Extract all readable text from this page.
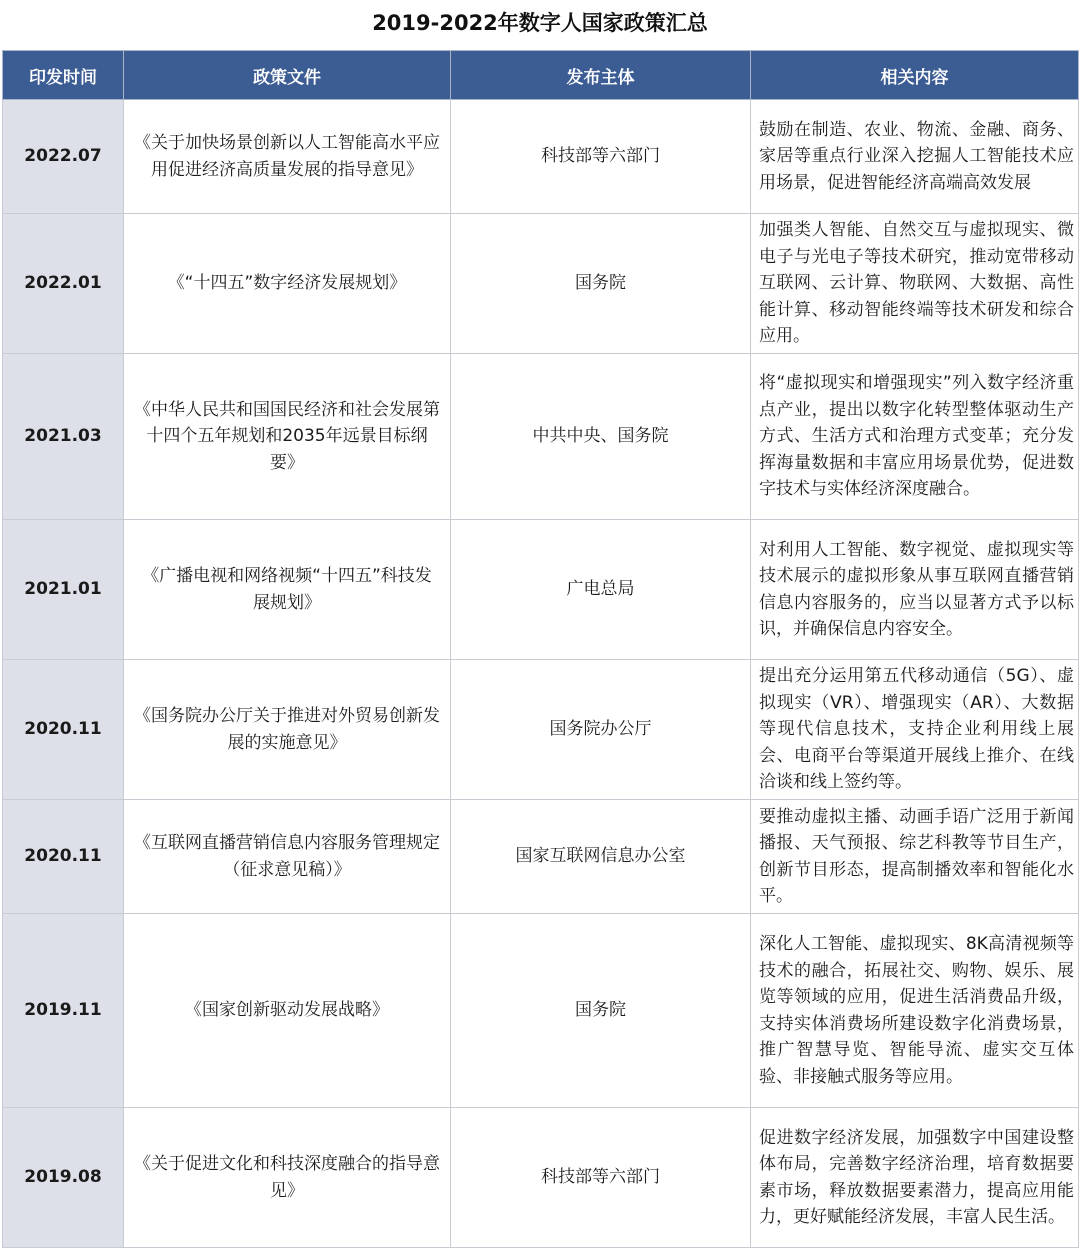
2019-2022年数字人国家政策汇总
印发时间	政策文件	发布主体	相关内容
2022.07	《关于加快场景创新以人工智能高水平应用促进经济高质量发展的指导意见》	科技部等六部门	鼓励在制造、农业、物流、金融、商务、家居等重点行业深入挖掘人工智能技术应用场景，促进智能经济高端高效发展
2022.01	《“十四五”数字经济发展规划》	国务院	加强类人智能、自然交互与虚拟现实、微电子与光电子等技术研究，推动宽带移动互联网、云计算、物联网、大数据、高性能计算、移动智能终端等技术研发和综合应用。
2021.03	《中华人民共和国国民经济和社会发展第十四个五年规划和2035年远景目标纲要》	中共中央、国务院	将“虚拟现实和增强现实”列入数字经济重点产业，提出以数字化转型整体驱动生产方式、生活方式和治理方式变革；充分发挥海量数据和丰富应用场景优势，促进数字技术与实体经济深度融合。
2021.01	《广播电视和网络视频“十四五”科技发展规划》	广电总局	对利用人工智能、数字视觉、虚拟现实等技术展示的虚拟形象从事互联网直播营销信息内容服务的，应当以显著方式予以标识，并确保信息内容安全。
2020.11	《国务院办公厅关于推进对外贸易创新发展的实施意见》	国务院办公厅	提出充分运用第五代移动通信（5G）、虚拟现实（VR）、增强现实（AR）、大数据等现代信息技术，支持企业利用线上展会、电商平台等渠道开展线上推介、在线洽谈和线上签约等。
2020.11	《互联网直播营销信息内容服务管理规定（征求意见稿）》	国家互联网信息办公室	要推动虚拟主播、动画手语广泛用于新闻播报、天气预报、综艺科教等节目生产，创新节目形态，提高制播效率和智能化水平。
2019.11	《国家创新驱动发展战略》	国务院	深化人工智能、虚拟现实、8K高清视频等技术的融合，拓展社交、购物、娱乐、展览等领域的应用，促进生活消费品升级，支持实体消费场所建设数字化消费场景，推广智慧导览、智能导流、虚实交互体验、非接触式服务等应用。
2019.08	《关于促进文化和科技深度融合的指导意见》	科技部等六部门	促进数字经济发展，加强数字中国建设整体布局，完善数字经济治理，培育数据要素市场，释放数据要素潜力，提高应用能力，更好赋能经济发展，丰富人民生活。
